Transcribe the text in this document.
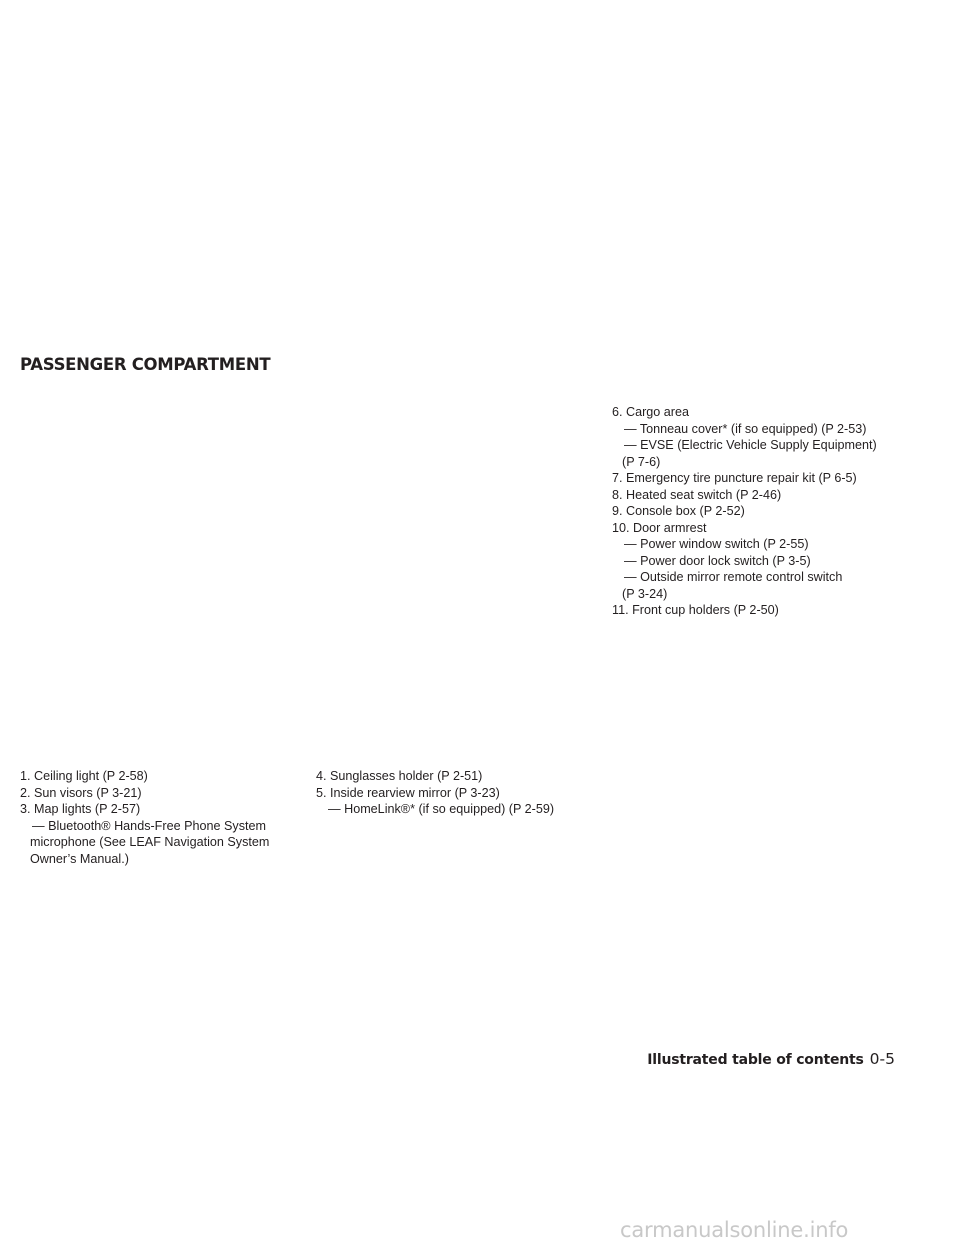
PASSENGER COMPARTMENT
6. Cargo area
— Tonneau cover* (if so equipped) (P 2-53)
— EVSE (Electric Vehicle Supply Equipment)
(P 7-6)
7. Emergency tire puncture repair kit (P 6-5)
8. Heated seat switch (P 2-46)
9. Console box (P 2-52)
10. Door armrest
— Power window switch (P 2-55)
— Power door lock switch (P 3-5)
— Outside mirror remote control switch
(P 3-24)
11. Front cup holders (P 2-50)
1. Ceiling light (P 2-58)
2. Sun visors (P 3-21)
3. Map lights (P 2-57)
— Bluetooth® Hands-Free Phone System
microphone (See LEAF Navigation System
Owner’s Manual.)
4. Sunglasses holder (P 2-51)
5. Inside rearview mirror (P 3-23)
— HomeLink®* (if so equipped) (P 2-59)
Illustrated table of contents 0-5
carmanualsonline.info
